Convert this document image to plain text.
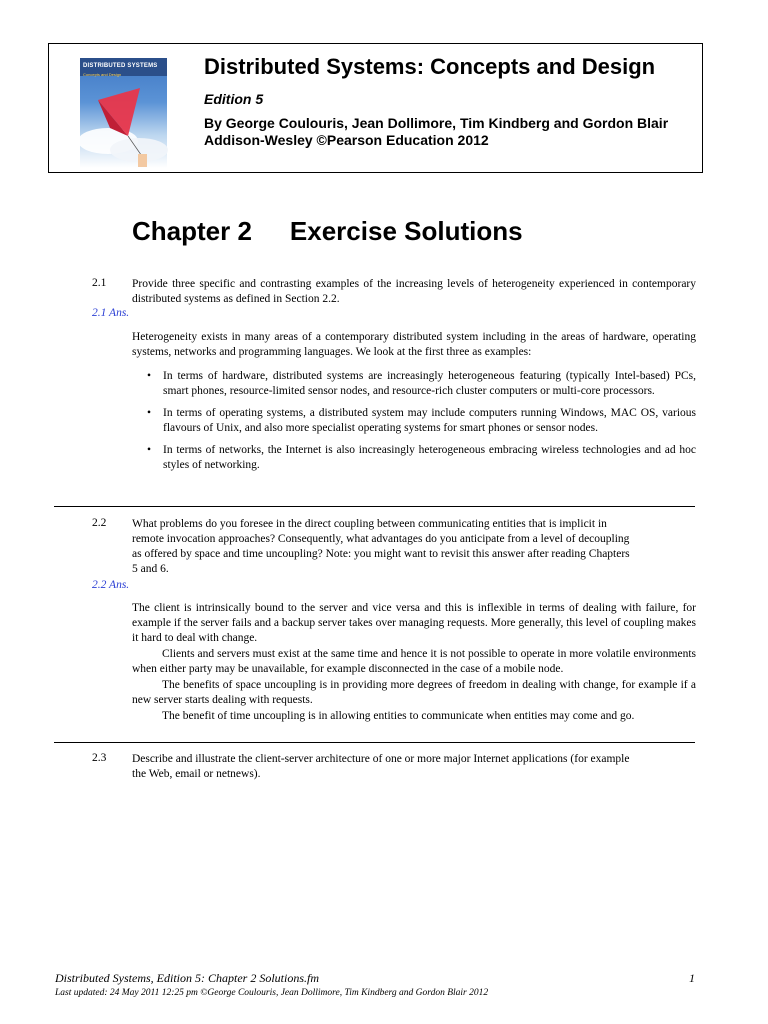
DISTRIBUTED SYSTEMS
Concepts and Design	Distributed Systems: Concepts and Design
Edition 5
By George Coulouris, Jean Dollimore, Tim Kindberg and Gordon Blair
Addison-Wesley ©Pearson Education 2012
Chapter 2 Exercise Solutions
2.1 Provide three specific and contrasting examples of the increasing levels of heterogeneity experienced in contemporary distributed systems as defined in Section 2.2.
2.1 Ans.
Heterogeneity exists in many areas of a contemporary distributed system including in the areas of hardware, operating systems, networks and programming languages. We look at the first three as examples:
• In terms of hardware, distributed systems are increasingly heterogeneous featuring (typically Intel-based) PCs, smart phones, resource-limited sensor nodes, and resource-rich cluster computers or multi-core processors.
• In terms of operating systems, a distributed system may include computers running Windows, MAC OS, various flavours of Unix, and also more specialist operating systems for smart phones or sensor nodes.
• In terms of networks, the Internet is also increasingly heterogeneous embracing wireless technologies and ad hoc styles of networking.
2.2 What problems do you foresee in the direct coupling between communicating entities that is implicit in remote invocation approaches? Consequently, what advantages do you anticipate from a level of decoupling as offered by space and time uncoupling? Note: you might want to revisit this answer after reading Chapters 5 and 6.
2.2 Ans.
The client is intrinsically bound to the server and vice versa and this is inflexible in terms of dealing with failure, for example if the server fails and a backup server takes over managing requests. More generally, this level of coupling makes it hard to deal with change.
Clients and servers must exist at the same time and hence it is not possible to operate in more volatile environments when either party may be unavailable, for example disconnected in the case of a mobile node.
The benefits of space uncoupling is in providing more degrees of freedom in dealing with change, for example if a new server starts dealing with requests.
The benefit of time uncoupling is in allowing entities to communicate when entities may come and go.
2.3 Describe and illustrate the client-server architecture of one or more major Internet applications (for example the Web, email or netnews).
Distributed Systems, Edition 5: Chapter 2 Solutions.fm	1
Last updated: 24 May 2011 12:25 pm ©George Coulouris, Jean Dollimore, Tim Kindberg and Gordon Blair 2012
